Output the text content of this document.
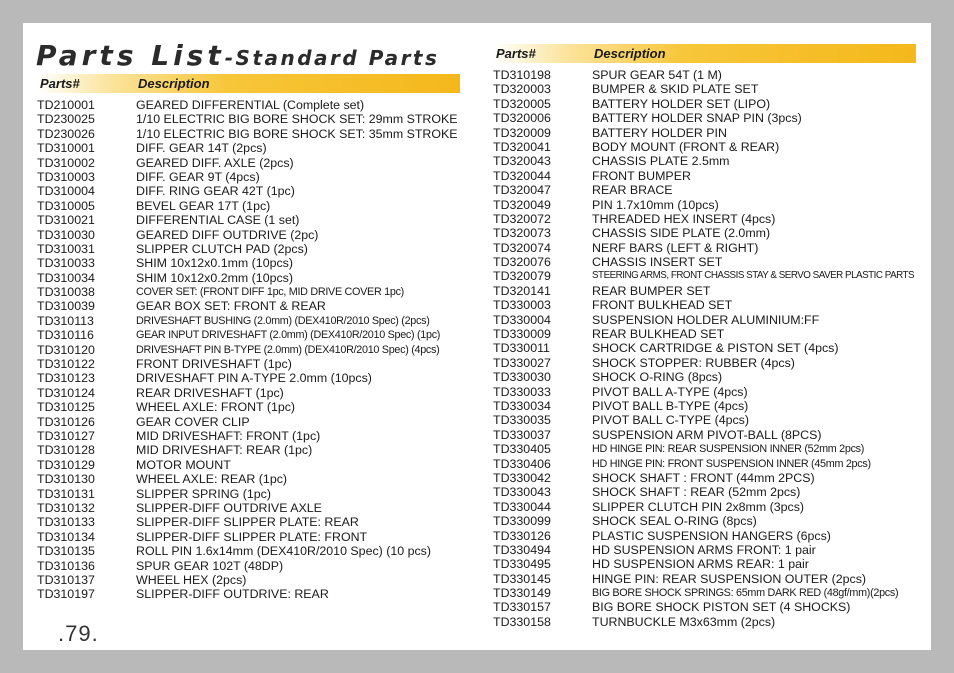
Parts List-Standard Parts
Parts#	Description
TD210001	GEARED DIFFERENTIAL (Complete set)
TD230025	1/10 ELECTRIC BIG BORE SHOCK SET: 29mm STROKE
TD230026	1/10 ELECTRIC BIG BORE SHOCK SET: 35mm STROKE
TD310001	DIFF. GEAR 14T (2pcs)
TD310002	GEARED DIFF. AXLE (2pcs)
TD310003	DIFF. GEAR 9T (4pcs)
TD310004	DIFF. RING GEAR 42T (1pc)
TD310005	BEVEL GEAR 17T (1pc)
TD310021	DIFFERENTIAL CASE (1 set)
TD310030	GEARED DIFF OUTDRIVE (2pc)
TD310031	SLIPPER CLUTCH PAD (2pcs)
TD310033	SHIM 10x12x0.1mm (10pcs)
TD310034	SHIM 10x12x0.2mm (10pcs)
TD310038	COVER SET: (FRONT DIFF 1pc, MID DRIVE COVER 1pc)
TD310039	GEAR BOX SET: FRONT & REAR
TD310113	DRIVESHAFT BUSHING (2.0mm) (DEX410R/2010 Spec) (2pcs)
TD310116	GEAR INPUT DRIVESHAFT (2.0mm) (DEX410R/2010 Spec) (1pc)
TD310120	DRIVESHAFT PIN B-TYPE (2.0mm) (DEX410R/2010 Spec) (4pcs)
TD310122	FRONT DRIVESHAFT (1pc)
TD310123	DRIVESHAFT PIN A-TYPE 2.0mm (10pcs)
TD310124	REAR DRIVESHAFT (1pc)
TD310125	WHEEL AXLE: FRONT (1pc)
TD310126	GEAR COVER CLIP
TD310127	MID DRIVESHAFT: FRONT (1pc)
TD310128	MID DRIVESHAFT: REAR (1pc)
TD310129	MOTOR MOUNT
TD310130	WHEEL AXLE: REAR (1pc)
TD310131	SLIPPER SPRING (1pc)
TD310132	SLIPPER-DIFF OUTDRIVE AXLE
TD310133	SLIPPER-DIFF SLIPPER PLATE: REAR
TD310134	SLIPPER-DIFF SLIPPER PLATE: FRONT
TD310135	ROLL PIN 1.6x14mm (DEX410R/2010 Spec) (10 pcs)
TD310136	SPUR GEAR 102T (48DP)
TD310137	WHEEL HEX (2pcs)
TD310197	SLIPPER-DIFF OUTDRIVE: REAR
Parts#	Description
TD310198	SPUR GEAR 54T (1 M)
TD320003	BUMPER & SKID PLATE SET
TD320005	BATTERY HOLDER SET (LIPO)
TD320006	BATTERY HOLDER SNAP PIN (3pcs)
TD320009	BATTERY HOLDER PIN
TD320041	BODY MOUNT (FRONT & REAR)
TD320043	CHASSIS PLATE 2.5mm
TD320044	FRONT BUMPER
TD320047	REAR BRACE
TD320049	PIN 1.7x10mm (10pcs)
TD320072	THREADED HEX INSERT (4pcs)
TD320073	CHASSIS SIDE PLATE (2.0mm)
TD320074	NERF BARS (LEFT & RIGHT)
TD320076	CHASSIS INSERT SET
TD320079	STEERING ARMS, FRONT CHASSIS STAY & SERVO SAVER PLASTIC PARTS
TD320141	REAR BUMPER SET
TD330003	FRONT BULKHEAD SET
TD330004	SUSPENSION HOLDER ALUMINIUM:FF
TD330009	REAR BULKHEAD SET
TD330011	SHOCK CARTRIDGE & PISTON SET (4pcs)
TD330027	SHOCK STOPPER: RUBBER (4pcs)
TD330030	SHOCK O-RING (8pcs)
TD330033	PIVOT BALL A-TYPE (4pcs)
TD330034	PIVOT BALL B-TYPE (4pcs)
TD330035	PIVOT BALL C-TYPE (4pcs)
TD330037	SUSPENSION ARM PIVOT-BALL (8PCS)
TD330405	HD HINGE PIN: REAR SUSPENSION INNER (52mm 2pcs)
TD330406	HD HINGE PIN: FRONT SUSPENSION INNER (45mm 2pcs)
TD330042	SHOCK SHAFT : FRONT (44mm 2PCS)
TD330043	SHOCK SHAFT : REAR (52mm 2pcs)
TD330044	SLIPPER CLUTCH PIN 2x8mm (3pcs)
TD330099	SHOCK SEAL O-RING (8pcs)
TD330126	PLASTIC SUSPENSION HANGERS (6pcs)
TD330494	HD SUSPENSION ARMS FRONT: 1 pair
TD330495	HD SUSPENSION ARMS REAR: 1 pair
TD330145	HINGE PIN: REAR SUSPENSION OUTER (2pcs)
TD330149	BIG BORE SHOCK SPRINGS: 65mm DARK RED (48gf/mm)(2pcs)
TD330157	BIG BORE SHOCK PISTON SET (4 SHOCKS)
TD330158	TURNBUCKLE M3x63mm (2pcs)
.79.
